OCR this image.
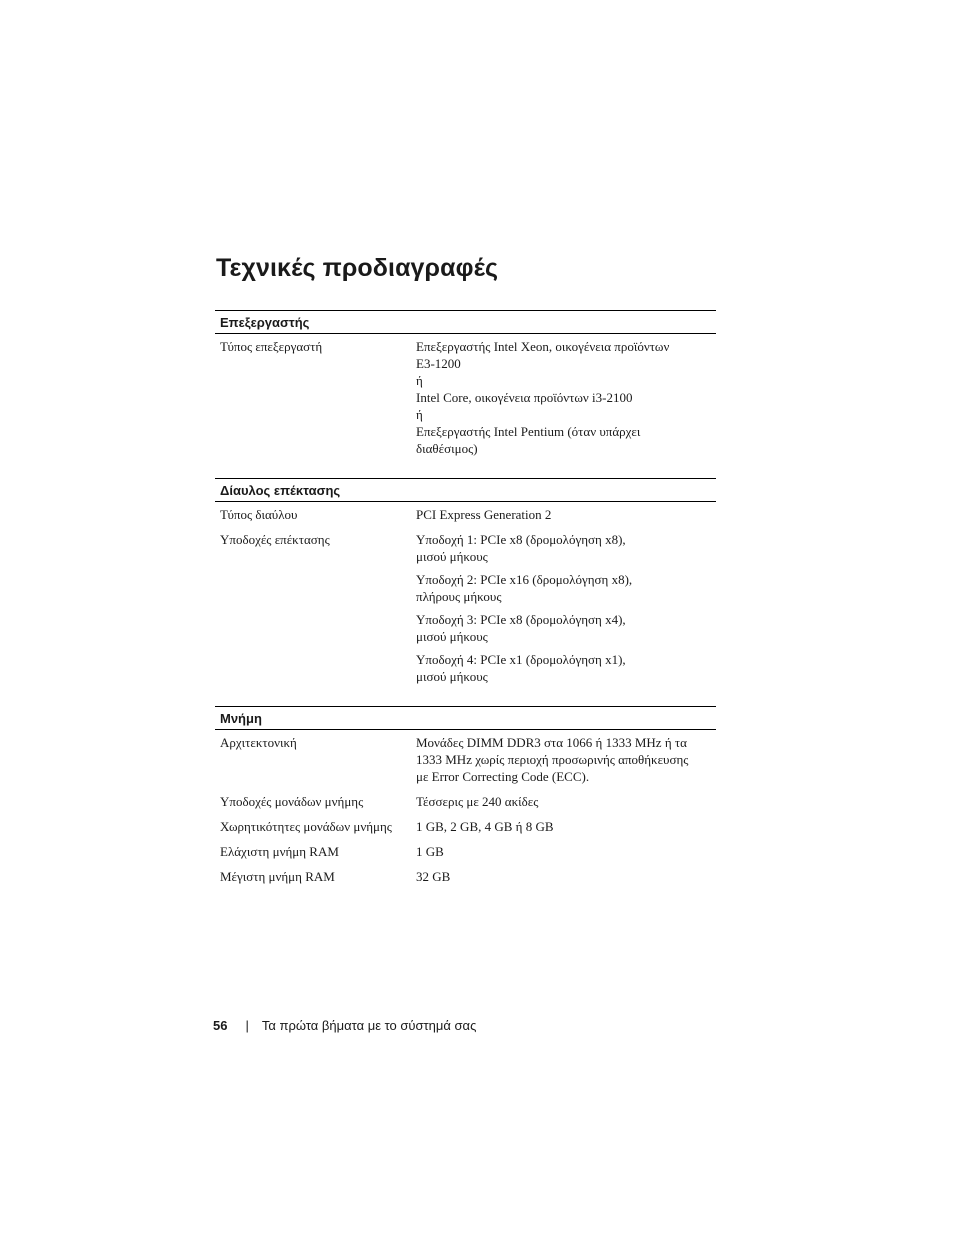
Τεχνικές προδιαγραφές
Επεξεργαστής
Τύπος επεξεργαστή	Επεξεργαστής Intel Xeon, οικογένεια προϊόντων
E3-1200
ή
Intel Core, οικογένεια προϊόντων i3-2100
ή
Επεξεργαστής Intel Pentium (όταν υπάρχει
διαθέσιμος)
Δίαυλος επέκτασης
Τύπος διαύλου	PCI Express Generation 2
Υποδοχές επέκτασης	Υποδοχή 1: PCIe x8 (δρομολόγηση x8),
μισού μήκους
Υποδοχή 2: PCIe x16 (δρομολόγηση x8),
πλήρους μήκους
Υποδοχή 3: PCIe x8 (δρομολόγηση x4),
μισού μήκους
Υποδοχή 4: PCIe x1 (δρομολόγηση x1),
μισού μήκους
Μνήμη
Αρχιτεκτονική	Μονάδες DIMM DDR3 στα 1066 ή 1333 MHz ή τα
1333 MHz χωρίς περιοχή προσωρινής αποθήκευσης
με Error Correcting Code (ECC).
Υποδοχές μονάδων μνήμης	Τέσσερις με 240 ακίδες
Χωρητικότητες μονάδων μνήμης	1 GB, 2 GB, 4 GB ή 8 GB
Ελάχιστη μνήμη RAM	1 GB
Μέγιστη μνήμη RAM	32 GB
56 | Τα πρώτα βήματα με το σύστημά σας
